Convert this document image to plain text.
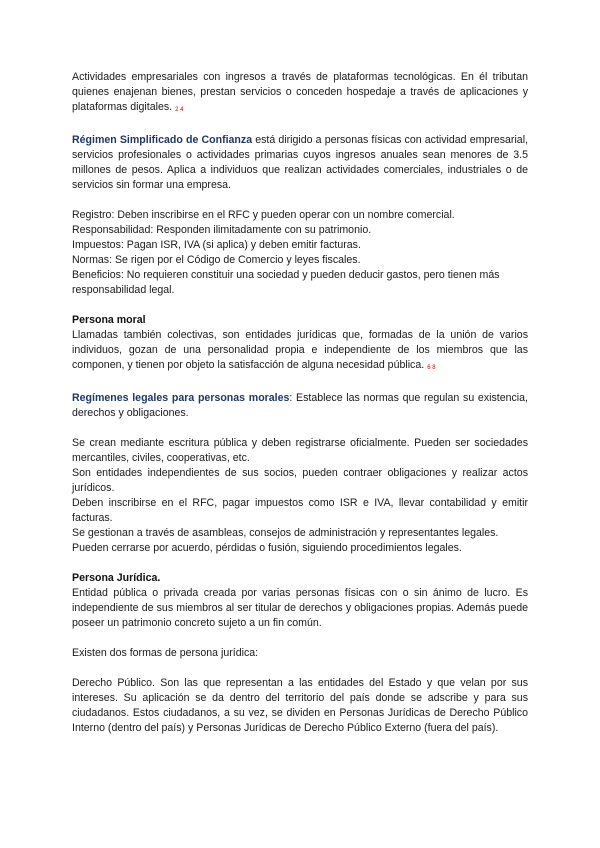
Actividades empresariales con ingresos a través de plataformas tecnológicas. En él tributan quienes enajenan bienes, prestan servicios o conceden hospedaje a través de aplicaciones y plataformas digitales. 2 4

Régimen Simplificado de Confianza está dirigido a personas físicas con actividad empresarial, servicios profesionales o actividades primarias cuyos ingresos anuales sean menores de 3.5 millones de pesos. Aplica a individuos que realizan actividades comerciales, industriales o de servicios sin formar una empresa.

Registro: Deben inscribirse en el RFC y pueden operar con un nombre comercial.

Responsabilidad: Responden ilimitadamente con su patrimonio.

Impuestos: Pagan ISR, IVA (si aplica) y deben emitir facturas.

Normas: Se rigen por el Código de Comercio y leyes fiscales.

Beneficios: No requieren constituir una sociedad y pueden deducir gastos, pero tienen más responsabilidad legal.

Persona moral

Llamadas también colectivas, son entidades jurídicas que, formadas de la unión de varios individuos, gozan de una personalidad propia e independiente de los miembros que las componen, y tienen por objeto la satisfacción de alguna necesidad pública. 6 8

Regímenes legales para personas morales: Establece las normas que regulan su existencia, derechos y obligaciones.

Se crean mediante escritura pública y deben registrarse oficialmente. Pueden ser sociedades mercantiles, civiles, cooperativas, etc.

Son entidades independientes de sus socios, pueden contraer obligaciones y realizar actos jurídicos.

Deben inscribirse en el RFC, pagar impuestos como ISR e IVA, llevar contabilidad y emitir facturas.

Se gestionan a través de asambleas, consejos de administración y representantes legales.

Pueden cerrarse por acuerdo, pérdidas o fusión, siguiendo procedimientos legales.

Persona Jurídica.

Entidad pública o privada creada por varias personas físicas con o sin ánimo de lucro. Es independiente de sus miembros al ser titular de derechos y obligaciones propias. Además puede poseer un patrimonio concreto sujeto a un fin común.

Existen dos formas de persona jurídica:

Derecho Público. Son las que representan a las entidades del Estado y que velan por sus intereses. Su aplicación se da dentro del territorio del país donde se adscribe y para sus ciudadanos. Estos ciudadanos, a su vez, se dividen en Personas Jurídicas de Derecho Público Interno (dentro del país) y Personas Jurídicas de Derecho Público Externo (fuera del país).
